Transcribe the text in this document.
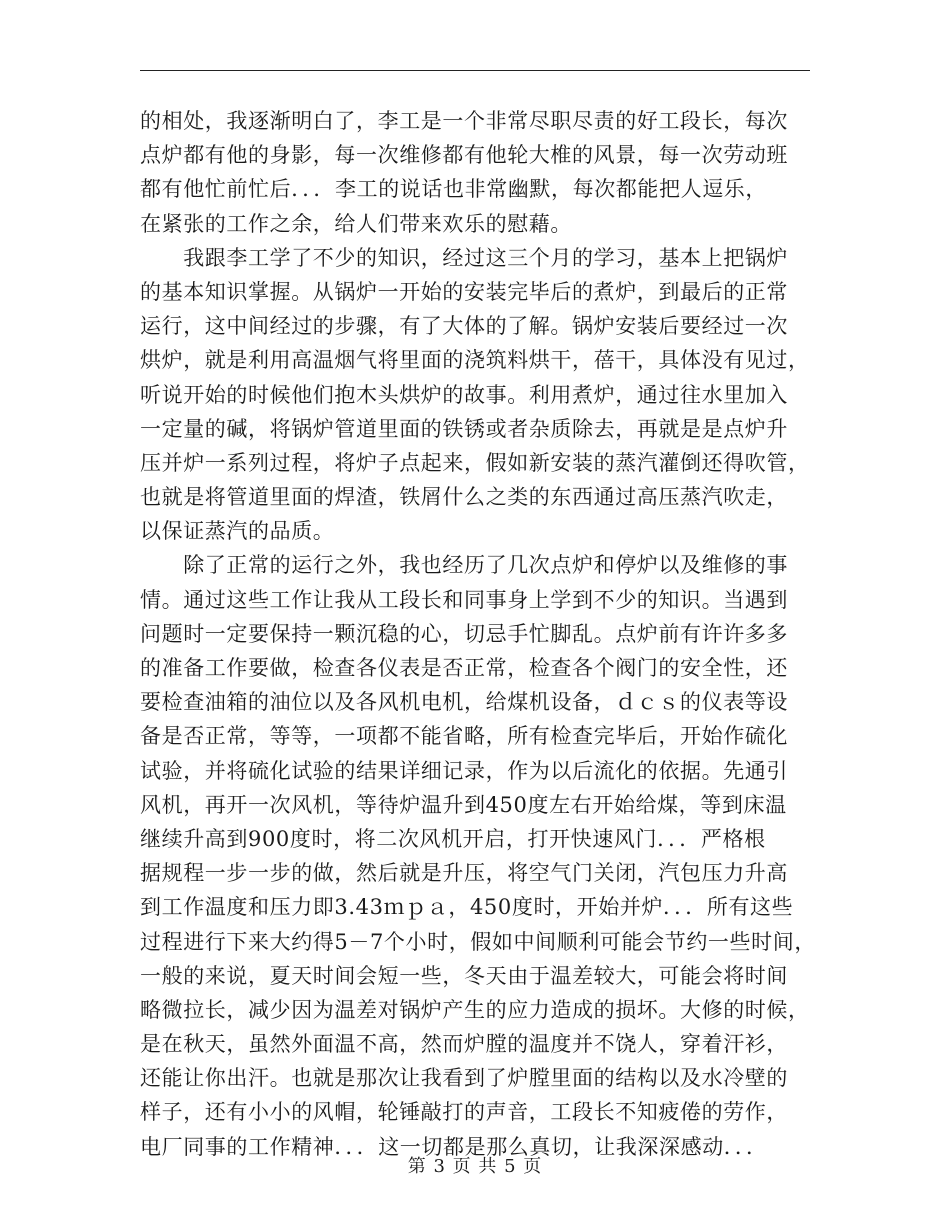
的相处，我逐渐明白了，李工是一个非常尽职尽责的好工段长，每次
点炉都有他的身影，每一次维修都有他轮大椎的风景，每一次劳动班
都有他忙前忙后．．．李工的说话也非常幽默，每次都能把人逗乐，
在紧张的工作之余，给人们带来欢乐的慰藉。
　　我跟李工学了不少的知识，经过这三个月的学习，基本上把锅炉
的基本知识掌握。从锅炉一开始的安装完毕后的煮炉，到最后的正常
运行，这中间经过的步骤，有了大体的了解。锅炉安装后要经过一次
烘炉，就是利用高温烟气将里面的浇筑料烘干，蓓干，具体没有见过，
听说开始的时候他们抱木头烘炉的故事。利用煮炉，通过往水里加入
一定量的碱，将锅炉管道里面的铁锈或者杂质除去，再就是是点炉升
压并炉一系列过程，将炉子点起来，假如新安装的蒸汽灌倒还得吹管，
也就是将管道里面的焊渣，铁屑什么之类的东西通过高压蒸汽吹走，
以保证蒸汽的品质。
　　除了正常的运行之外，我也经历了几次点炉和停炉以及维修的事
情。通过这些工作让我从工段长和同事身上学到不少的知识。当遇到
问题时一定要保持一颗沉稳的心，切忌手忙脚乱。点炉前有许许多多
的准备工作要做，检查各仪表是否正常，检查各个阀门的安全性，还
要检查油箱的油位以及各风机电机，给煤机设备，ｄｃｓ的仪表等设
备是否正常，等等，一项都不能省略，所有检查完毕后，开始作硫化
试验，并将硫化试验的结果详细记录，作为以后流化的依据。先通引
风机，再开一次风机，等待炉温升到450度左右开始给煤，等到床温
继续升高到900度时，将二次风机开启，打开快速风门．．．严格根
据规程一步一步的做，然后就是升压，将空气门关闭，汽包压力升高
到工作温度和压力即3.43ｍｐａ，450度时，开始并炉．．．所有这些
过程进行下来大约得5－7个小时，假如中间顺利可能会节约一些时间，
一般的来说，夏天时间会短一些，冬天由于温差较大，可能会将时间
略微拉长，减少因为温差对锅炉产生的应力造成的损坏。大修的时候，
是在秋天，虽然外面温不高，然而炉膛的温度并不饶人，穿着汗衫，
还能让你出汗。也就是那次让我看到了炉膛里面的结构以及水冷壁的
样子，还有小小的风帽，轮锤敲打的声音，工段长不知疲倦的劳作，
电厂同事的工作精神．．．这一切都是那么真切，让我深深感动．．．
第 3 页 共 5 页
